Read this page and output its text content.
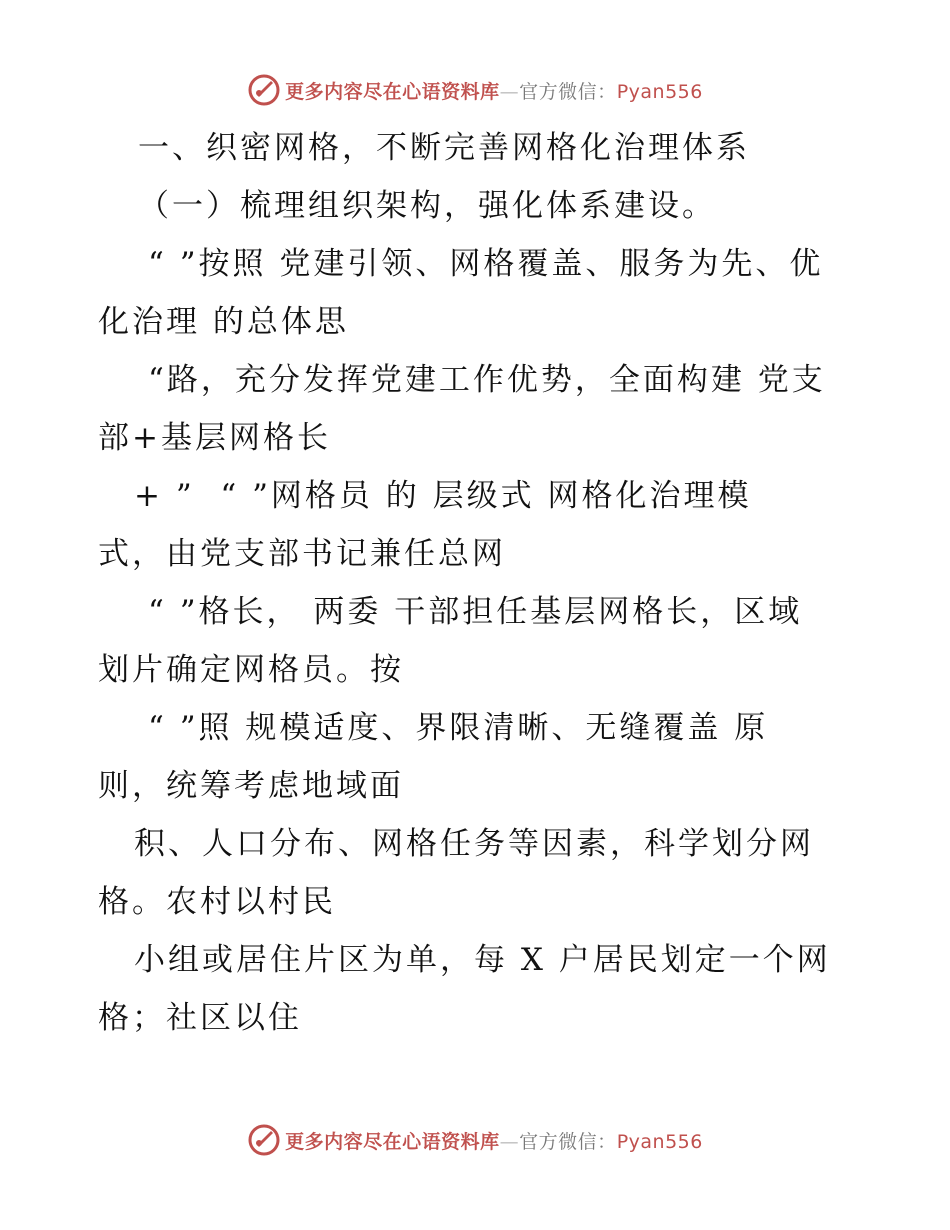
更多内容尽在心语资料库—官方微信：Pyan556
一、织密网格，不断完善网格化治理体系
（一）梳理组织架构，强化体系建设。
“ ”按照 党建引领、网格覆盖、服务为先、优
化治理 的总体思
“路，充分发挥党建工作优势，全面构建 党支
部+基层网格长
+ ”  “ ”网格员 的 层级式 网格化治理模
式，由党支部书记兼任总网
“ ”格长， 两委 干部担任基层网格长，区域
划片确定网格员。按
“ ”照 规模适度、界限清晰、无缝覆盖 原
则，统筹考虑地域面
积、人口分布、网格任务等因素，科学划分网
格。农村以村民
小组或居住片区为单，每 X 户居民划定一个网
格；社区以住
更多内容尽在心语资料库—官方微信：Pyan556
